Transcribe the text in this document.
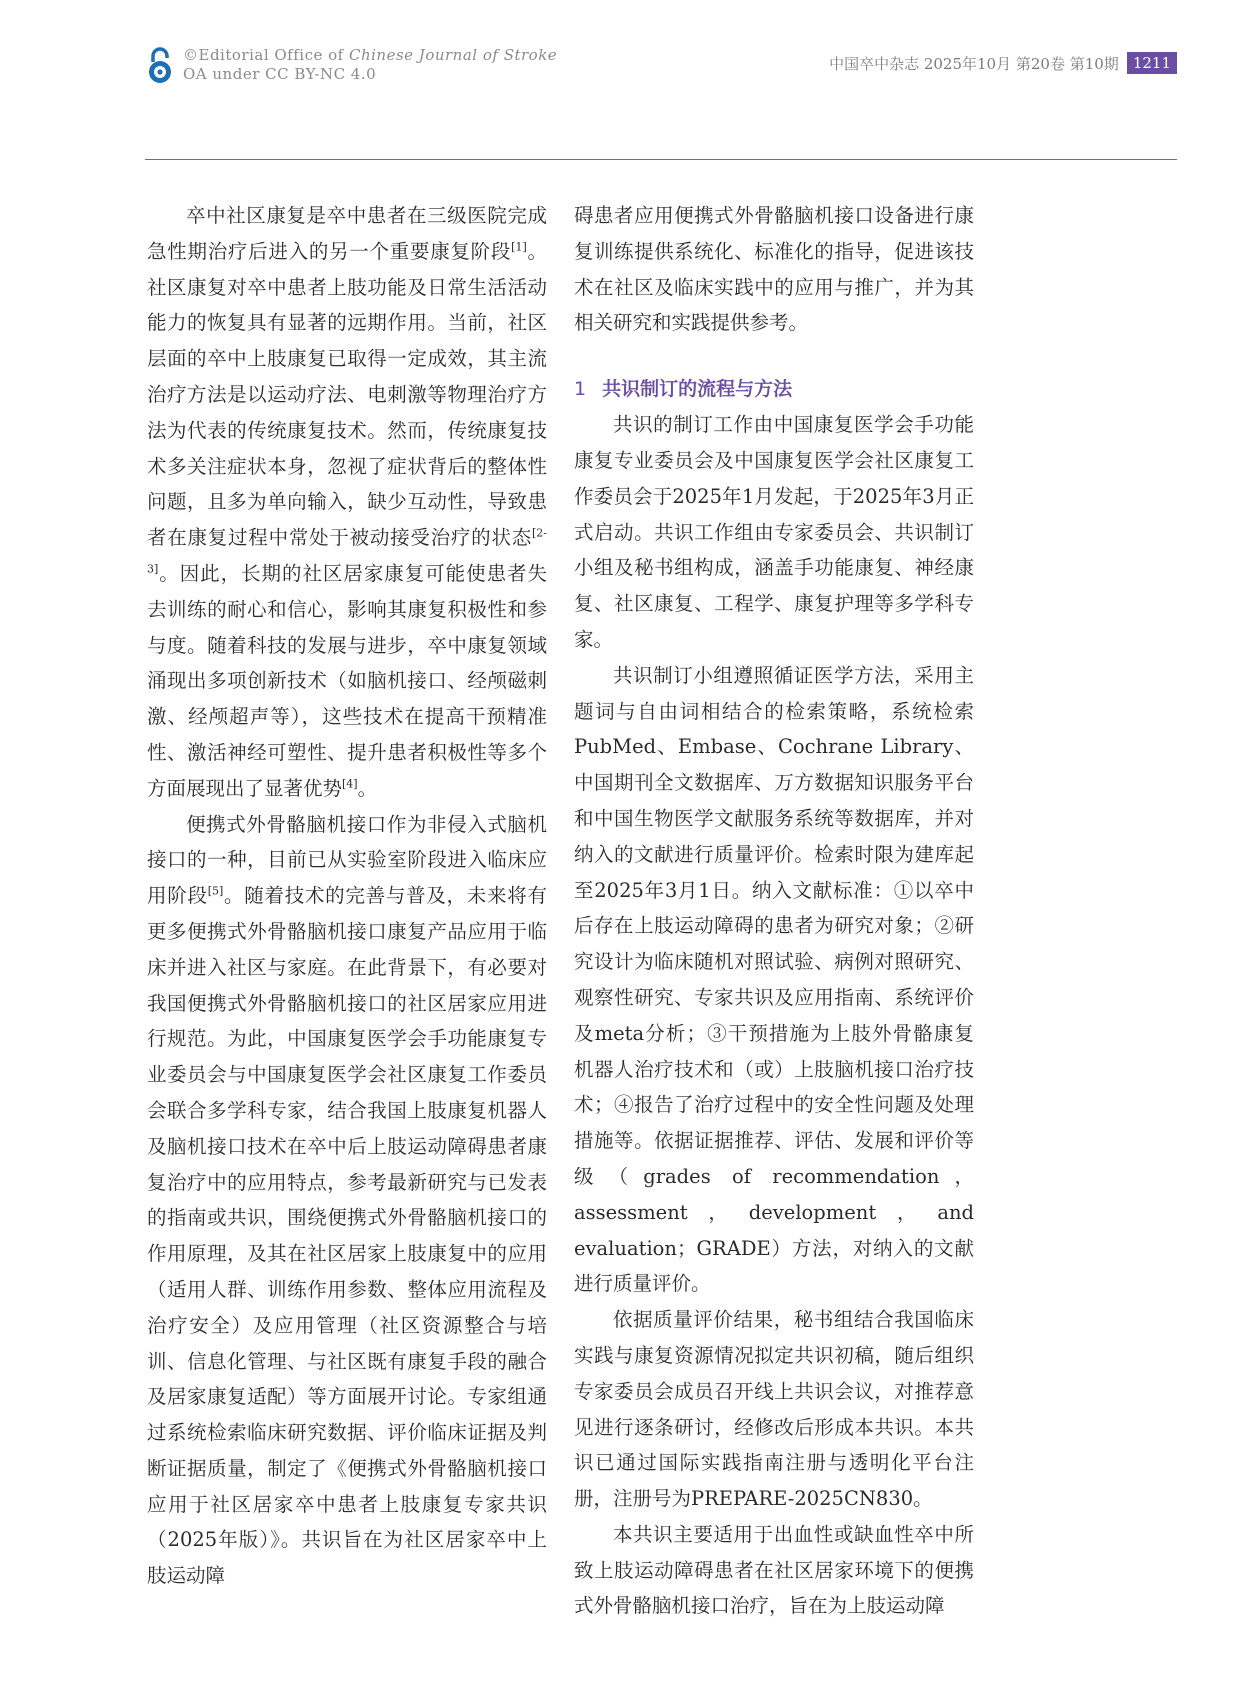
©Editorial Office of Chinese Journal of Stroke
OA under CC BY-NC 4.0
中国卒中杂志 2025年10月 第20卷 第10期 1211

卒中社区康复是卒中患者在三级医院完成急性期治疗后进入的另一个重要康复阶段[1]。社区康复对卒中患者上肢功能及日常生活活动能力的恢复具有显著的远期作用。当前，社区层面的卒中上肢康复已取得一定成效，其主流治疗方法是以运动疗法、电刺激等物理治疗方法为代表的传统康复技术。然而，传统康复技术多关注症状本身，忽视了症状背后的整体性问题，且多为单向输入，缺少互动性，导致患者在康复过程中常处于被动接受治疗的状态[2-3]。因此，长期的社区居家康复可能使患者失去训练的耐心和信心，影响其康复积极性和参与度。随着科技的发展与进步，卒中康复领域涌现出多项创新技术（如脑机接口、经颅磁刺激、经颅超声等），这些技术在提高干预精准性、激活神经可塑性、提升患者积极性等多个方面展现出了显著优势[4]。

便携式外骨骼脑机接口作为非侵入式脑机接口的一种，目前已从实验室阶段进入临床应用阶段[5]。随着技术的完善与普及，未来将有更多便携式外骨骼脑机接口康复产品应用于临床并进入社区与家庭。在此背景下，有必要对我国便携式外骨骼脑机接口的社区居家应用进行规范。为此，中国康复医学会手功能康复专业委员会与中国康复医学会社区康复工作委员会联合多学科专家，结合我国上肢康复机器人及脑机接口技术在卒中后上肢运动障碍患者康复治疗中的应用特点，参考最新研究与已发表的指南或共识，围绕便携式外骨骼脑机接口的作用原理，及其在社区居家上肢康复中的应用（适用人群、训练作用参数、整体应用流程及治疗安全）及应用管理（社区资源整合与培训、信息化管理、与社区既有康复手段的融合及居家康复适配）等方面展开讨论。专家组通过系统检索临床研究数据、评价临床证据及判断证据质量，制定了《便携式外骨骼脑机接口应用于社区居家卒中患者上肢康复专家共识（2025年版）》。共识旨在为社区居家卒中上肢运动障

碍患者应用便携式外骨骼脑机接口设备进行康复训练提供系统化、标准化的指导，促进该技术在社区及临床实践中的应用与推广，并为其相关研究和实践提供参考。

1 共识制订的流程与方法

共识的制订工作由中国康复医学会手功能康复专业委员会及中国康复医学会社区康复工作委员会于2025年1月发起，于2025年3月正式启动。共识工作组由专家委员会、共识制订小组及秘书组构成，涵盖手功能康复、神经康复、社区康复、工程学、康复护理等多学科专家。

共识制订小组遵照循证医学方法，采用主题词与自由词相结合的检索策略，系统检索PubMed、Embase、Cochrane Library、中国期刊全文数据库、万方数据知识服务平台和中国生物医学文献服务系统等数据库，并对纳入的文献进行质量评价。检索时限为建库起至2025年3月1日。纳入文献标准：①以卒中后存在上肢运动障碍的患者为研究对象；②研究设计为临床随机对照试验、病例对照研究、观察性研究、专家共识及应用指南、系统评价及meta分析；③干预措施为上肢外骨骼康复机器人治疗技术和（或）上肢脑机接口治疗技术；④报告了治疗过程中的安全性问题及处理措施等。依据证据推荐、评估、发展和评价等级（grades of recommendation，assessment，development，and evaluation；GRADE）方法，对纳入的文献进行质量评价。

依据质量评价结果，秘书组结合我国临床实践与康复资源情况拟定共识初稿，随后组织专家委员会成员召开线上共识会议，对推荐意见进行逐条研讨，经修改后形成本共识。本共识已通过国际实践指南注册与透明化平台注册，注册号为PREPARE-2025CN830。

本共识主要适用于出血性或缺血性卒中所致上肢运动障碍患者在社区居家环境下的便携式外骨骼脑机接口治疗，旨在为上肢运动障
